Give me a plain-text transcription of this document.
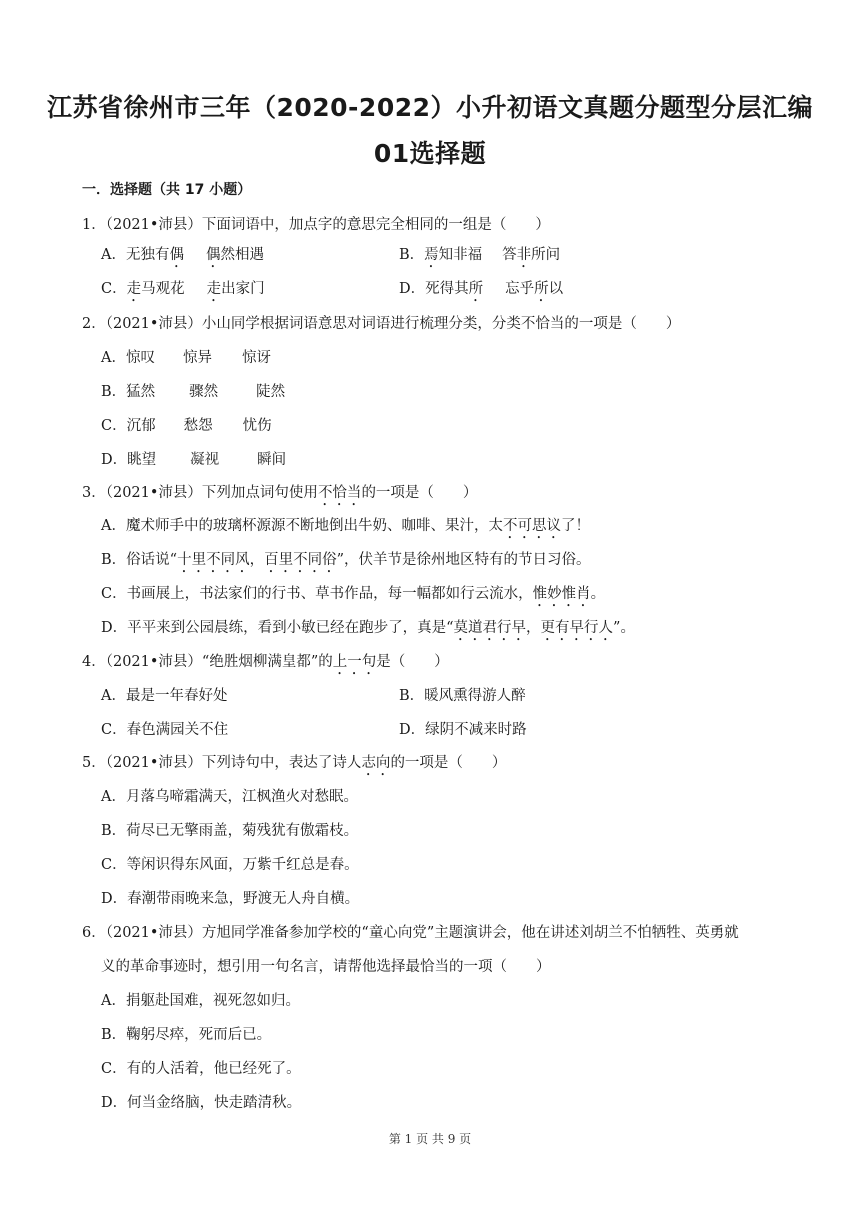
江苏省徐州市三年（2020-2022）小升初语文真题分题型分层汇编
01选择题
一．选择题（共 17 小题）
1．（2021•沛县）下面词语中，加点字的意思完全相同的一组是（　　）
A．无独有偶 偶然相遇	B．焉知非福 答非所问
C．走马观花 走出家门	D．死得其所 忘乎所以
2．（2021•沛县）小山同学根据词语意思对词语进行梳理分类，分类不恰当的一项是（　　）
A．惊叹 惊异 惊讶
B．猛然 骤然	陡然
C．沉郁 愁怨 忧伤
D．眺望 凝视	瞬间
3．（2021•沛县）下列加点词句使用不恰当的一项是（　　）
A．魔术师手中的玻璃杯源源不断地倒出牛奶、咖啡、果汁，太不可思议了！
B．俗话说“十里不同风，百里不同俗”，伏羊节是徐州地区特有的节日习俗。
C．书画展上，书法家们的行书、草书作品，每一幅都如行云流水，惟妙惟肖。
D．平平来到公园晨练，看到小敏已经在跑步了，真是“莫道君行早，更有早行人”。
4．（2021•沛县）“绝胜烟柳满皇都”的上一句是（　　）
A．最是一年春好处	B．暖风熏得游人醉
C．春色满园关不住	D．绿阴不减来时路
5．（2021•沛县）下列诗句中，表达了诗人志向的一项是（　　）
A．月落乌啼霜满天，江枫渔火对愁眠。
B．荷尽已无擎雨盖，菊残犹有傲霜枝。
C．等闲识得东风面，万紫千红总是春。
D．春潮带雨晚来急，野渡无人舟自横。
6．（2021•沛县）方旭同学准备参加学校的“童心向党”主题演讲会，他在讲述刘胡兰不怕牺牲、英勇就
义的革命事迹时，想引用一句名言，请帮他选择最恰当的一项（　　）
A．捐躯赴国难，视死忽如归。
B．鞠躬尽瘁，死而后已。
C．有的人活着，他已经死了。
D．何当金络脑，快走踏清秋。
第 1 页 共 9 页
